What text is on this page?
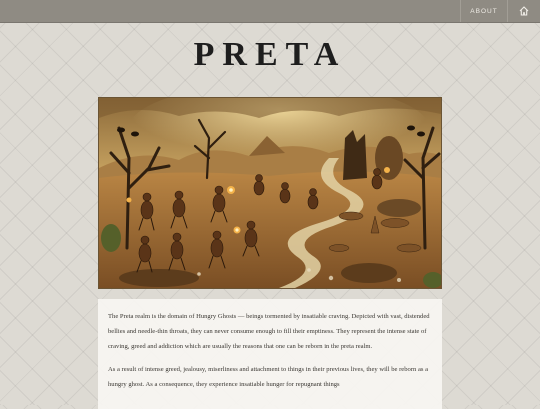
ABOUT
PRETA

The Preta realm is the domain of Hungry Ghosts — beings tormented by insatiable craving. Depicted with vast, distended bellies and needle-thin throats, they can never consume enough to fill their emptiness. They represent the intense state of craving, greed and addiction which are usually the reasons that one can be reborn in the preta realm.

As a result of intense greed, jealousy, miserliness and attachment to things in their previous lives, they will be reborn as a hungry ghost. As a consequence, they experience insatiable hunger for repugnant things
